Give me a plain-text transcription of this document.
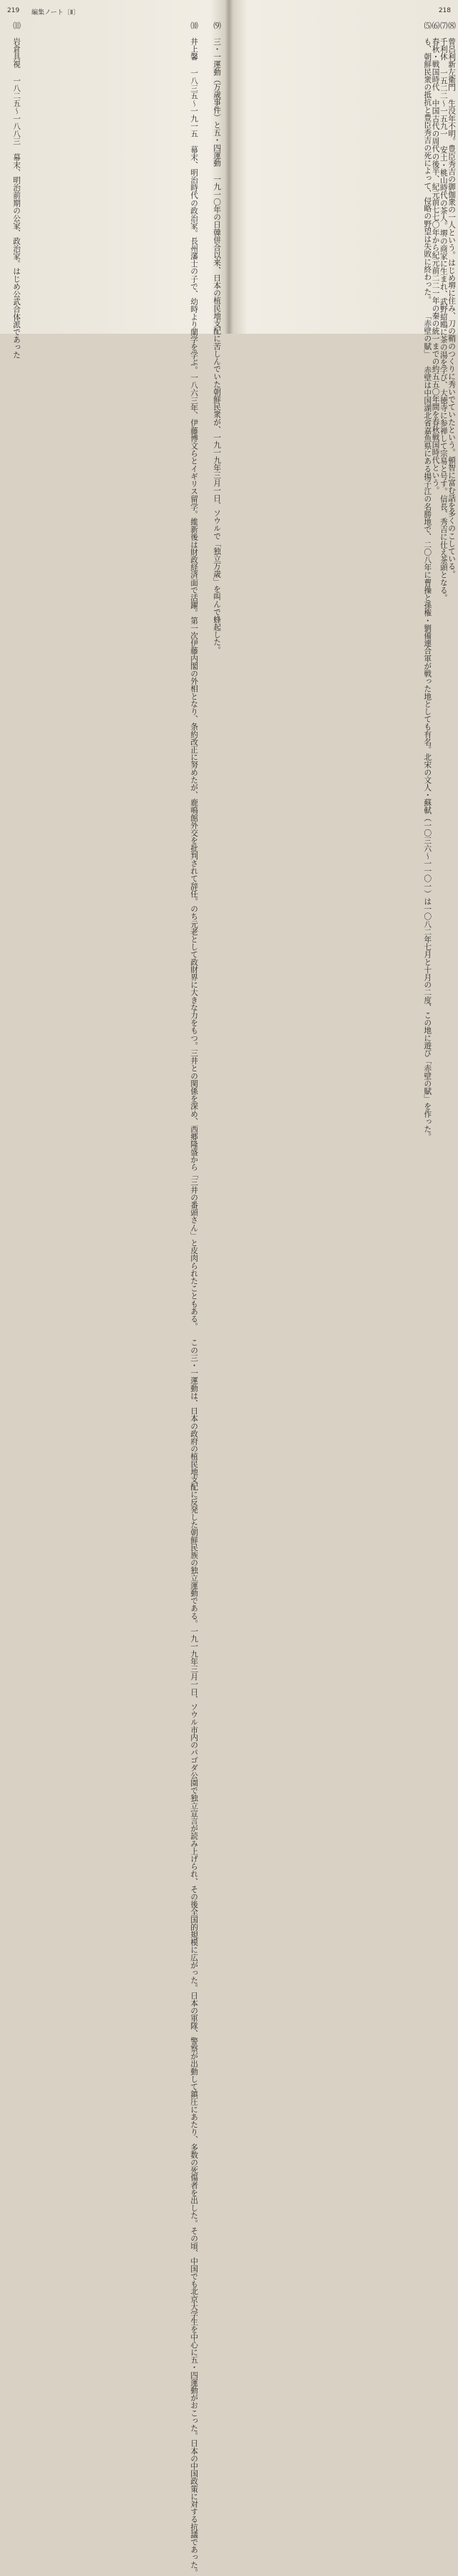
219 編集ノート〔Ⅱ〕
⑾ 岩倉具視 一八二五〜一八八三 幕末、明治前期の公家、政治家。はじめ公武合体派であった	⑽ 井上馨 一八三五〜一九一五 幕末、明治時代の政治家。長州藩士の子で、幼時より蘭学を学ぶ。一八六三年、伊藤博文らとイギリス留学。維新後は財政経済面で活躍。第一次伊藤内閣の外相となり、条約改正に努めたが、鹿鳴館外交を批判されて辞任。のち元老として政財界に大きな力をもつ。三井との関係を深め、西郷隆盛から「三井の番頭さん」と皮肉られたこともある。 この三・一運動は、日本の政府の植民地支配に反発した朝鮮民族の独立運動である。一九一九年三月一日、ソウル市内のパゴダ公園で独立宣言が読み上げられ、その後全国的規模に広がった。日本の軍隊、警察が出動して鎮圧にあたり、多数の死傷者を出した。その頃、中国でも北京大学生を中心に五・四運動がおこった。日本の中国政策に対する抗議であった。	⑼ 三・一運動（万歳事件）と五・四運動 一九一〇年の日韓併合以来、日本の植民地支配に苦しんでいた朝鮮民衆が、一九一九年三月一日、ソウルで「独立万歳」を叫んで蜂起した。
218

⑻ 曾呂利新左衛門 生没年不明。豊臣秀吉の御伽衆の一人という。はじめ堺に住み、刀の鞘のつくりに秀いでていたという。頓智に富む話を多くのこしている。

⑺ 千利休 一五二二〜一五九一 安土・桃山時代の茶人。堺の商家に生まれ、武野紹鴎に茶の湯を学び、大徳寺に参禅して宗易と号す。信長、秀吉に仕え茶頭となる。

⑹ 春秋・戦国時代 中国古代の周代の後半、紀元前七七〇年から紀元前二二一年の秦の統一までの約五五〇年間を春秋戦国時代という。

⑸ も、朝鮮民衆の抵抗と豊臣秀吉の死によって、侵略の野望は失敗に終わった。 「赤壁の賦」 赤壁は中国湖北省嘉魚県にある揚子江の名勝地で、二〇八年に曹操と孫権・劉備連合軍が戦った地としても有名。北宋の文人・蘇軾（一〇三六〜一一〇一）は一〇八二年七月と十月の二度、この地に遊び「赤壁の賦」を作った。
